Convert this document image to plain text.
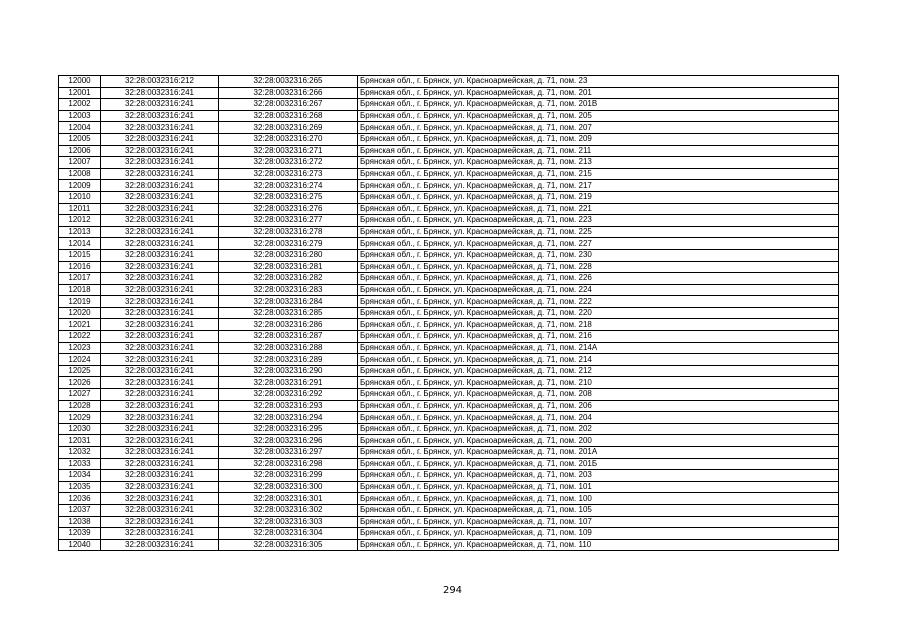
12000	32:28:0032316:212	32:28:0032316:265	Брянская обл., г. Брянск, ул. Красноармейская, д. 71, пом. 23
12001	32:28:0032316:241	32:28:0032316:266	Брянская обл., г. Брянск, ул. Красноармейская, д. 71, пом. 201
12002	32:28:0032316:241	32:28:0032316:267	Брянская обл., г. Брянск, ул. Красноармейская, д. 71, пом. 201В
12003	32:28:0032316:241	32:28:0032316:268	Брянская обл., г. Брянск, ул. Красноармейская, д. 71, пом. 205
12004	32:28:0032316:241	32:28:0032316:269	Брянская обл., г. Брянск, ул. Красноармейская, д. 71, пом. 207
12005	32:28:0032316:241	32:28:0032316:270	Брянская обл., г. Брянск, ул. Красноармейская, д. 71, пом. 209
12006	32:28:0032316:241	32:28:0032316:271	Брянская обл., г. Брянск, ул. Красноармейская, д. 71, пом. 211
12007	32:28:0032316:241	32:28:0032316:272	Брянская обл., г. Брянск, ул. Красноармейская, д. 71, пом. 213
12008	32:28:0032316:241	32:28:0032316:273	Брянская обл., г. Брянск, ул. Красноармейская, д. 71, пом. 215
12009	32:28:0032316:241	32:28:0032316:274	Брянская обл., г. Брянск, ул. Красноармейская, д. 71, пом. 217
12010	32:28:0032316:241	32:28:0032316:275	Брянская обл., г. Брянск, ул. Красноармейская, д. 71, пом. 219
12011	32:28:0032316:241	32:28:0032316:276	Брянская обл., г. Брянск, ул. Красноармейская, д. 71, пом. 221
12012	32:28:0032316:241	32:28:0032316:277	Брянская обл., г. Брянск, ул. Красноармейская, д. 71, пом. 223
12013	32:28:0032316:241	32:28:0032316:278	Брянская обл., г. Брянск, ул. Красноармейская, д. 71, пом. 225
12014	32:28:0032316:241	32:28:0032316:279	Брянская обл., г. Брянск, ул. Красноармейская, д. 71, пом. 227
12015	32:28:0032316:241	32:28:0032316:280	Брянская обл., г. Брянск, ул. Красноармейская, д. 71, пом. 230
12016	32:28:0032316:241	32:28:0032316:281	Брянская обл., г. Брянск, ул. Красноармейская, д. 71, пом. 228
12017	32:28:0032316:241	32:28:0032316:282	Брянская обл., г. Брянск, ул. Красноармейская, д. 71, пом. 226
12018	32:28:0032316:241	32:28:0032316:283	Брянская обл., г. Брянск, ул. Красноармейская, д. 71, пом. 224
12019	32:28:0032316:241	32:28:0032316:284	Брянская обл., г. Брянск, ул. Красноармейская, д. 71, пом. 222
12020	32:28:0032316:241	32:28:0032316:285	Брянская обл., г. Брянск, ул. Красноармейская, д. 71, пом. 220
12021	32:28:0032316:241	32:28:0032316:286	Брянская обл., г. Брянск, ул. Красноармейская, д. 71, пом. 218
12022	32:28:0032316:241	32:28:0032316:287	Брянская обл., г. Брянск, ул. Красноармейская, д. 71, пом. 216
12023	32:28:0032316:241	32:28:0032316:288	Брянская обл., г. Брянск, ул. Красноармейская, д. 71, пом. 214А
12024	32:28:0032316:241	32:28:0032316:289	Брянская обл., г. Брянск, ул. Красноармейская, д. 71, пом. 214
12025	32:28:0032316:241	32:28:0032316:290	Брянская обл., г. Брянск, ул. Красноармейская, д. 71, пом. 212
12026	32:28:0032316:241	32:28:0032316:291	Брянская обл., г. Брянск, ул. Красноармейская, д. 71, пом. 210
12027	32:28:0032316:241	32:28:0032316:292	Брянская обл., г. Брянск, ул. Красноармейская, д. 71, пом. 208
12028	32:28:0032316:241	32:28:0032316:293	Брянская обл., г. Брянск, ул. Красноармейская, д. 71, пом. 206
12029	32:28:0032316:241	32:28:0032316:294	Брянская обл., г. Брянск, ул. Красноармейская, д. 71, пом. 204
12030	32:28:0032316:241	32:28:0032316:295	Брянская обл., г. Брянск, ул. Красноармейская, д. 71, пом. 202
12031	32:28:0032316:241	32:28:0032316:296	Брянская обл., г. Брянск, ул. Красноармейская, д. 71, пом. 200
12032	32:28:0032316:241	32:28:0032316:297	Брянская обл., г. Брянск, ул. Красноармейская, д. 71, пом. 201А
12033	32:28:0032316:241	32:28:0032316:298	Брянская обл., г. Брянск, ул. Красноармейская, д. 71, пом. 201Б
12034	32:28:0032316:241	32:28:0032316:299	Брянская обл., г. Брянск, ул. Красноармейская, д. 71, пом. 203
12035	32:28:0032316:241	32:28:0032316:300	Брянская обл., г. Брянск, ул. Красноармейская, д. 71, пом. 101
12036	32:28:0032316:241	32:28:0032316:301	Брянская обл., г. Брянск, ул. Красноармейская, д. 71, пом. 100
12037	32:28:0032316:241	32:28:0032316:302	Брянская обл., г. Брянск, ул. Красноармейская, д. 71, пом. 105
12038	32:28:0032316:241	32:28:0032316:303	Брянская обл., г. Брянск, ул. Красноармейская, д. 71, пом. 107
12039	32:28:0032316:241	32:28:0032316:304	Брянская обл., г. Брянск, ул. Красноармейская, д. 71, пом. 109
12040	32:28:0032316:241	32:28:0032316:305	Брянская обл., г. Брянск, ул. Красноармейская, д. 71, пом. 110
294
